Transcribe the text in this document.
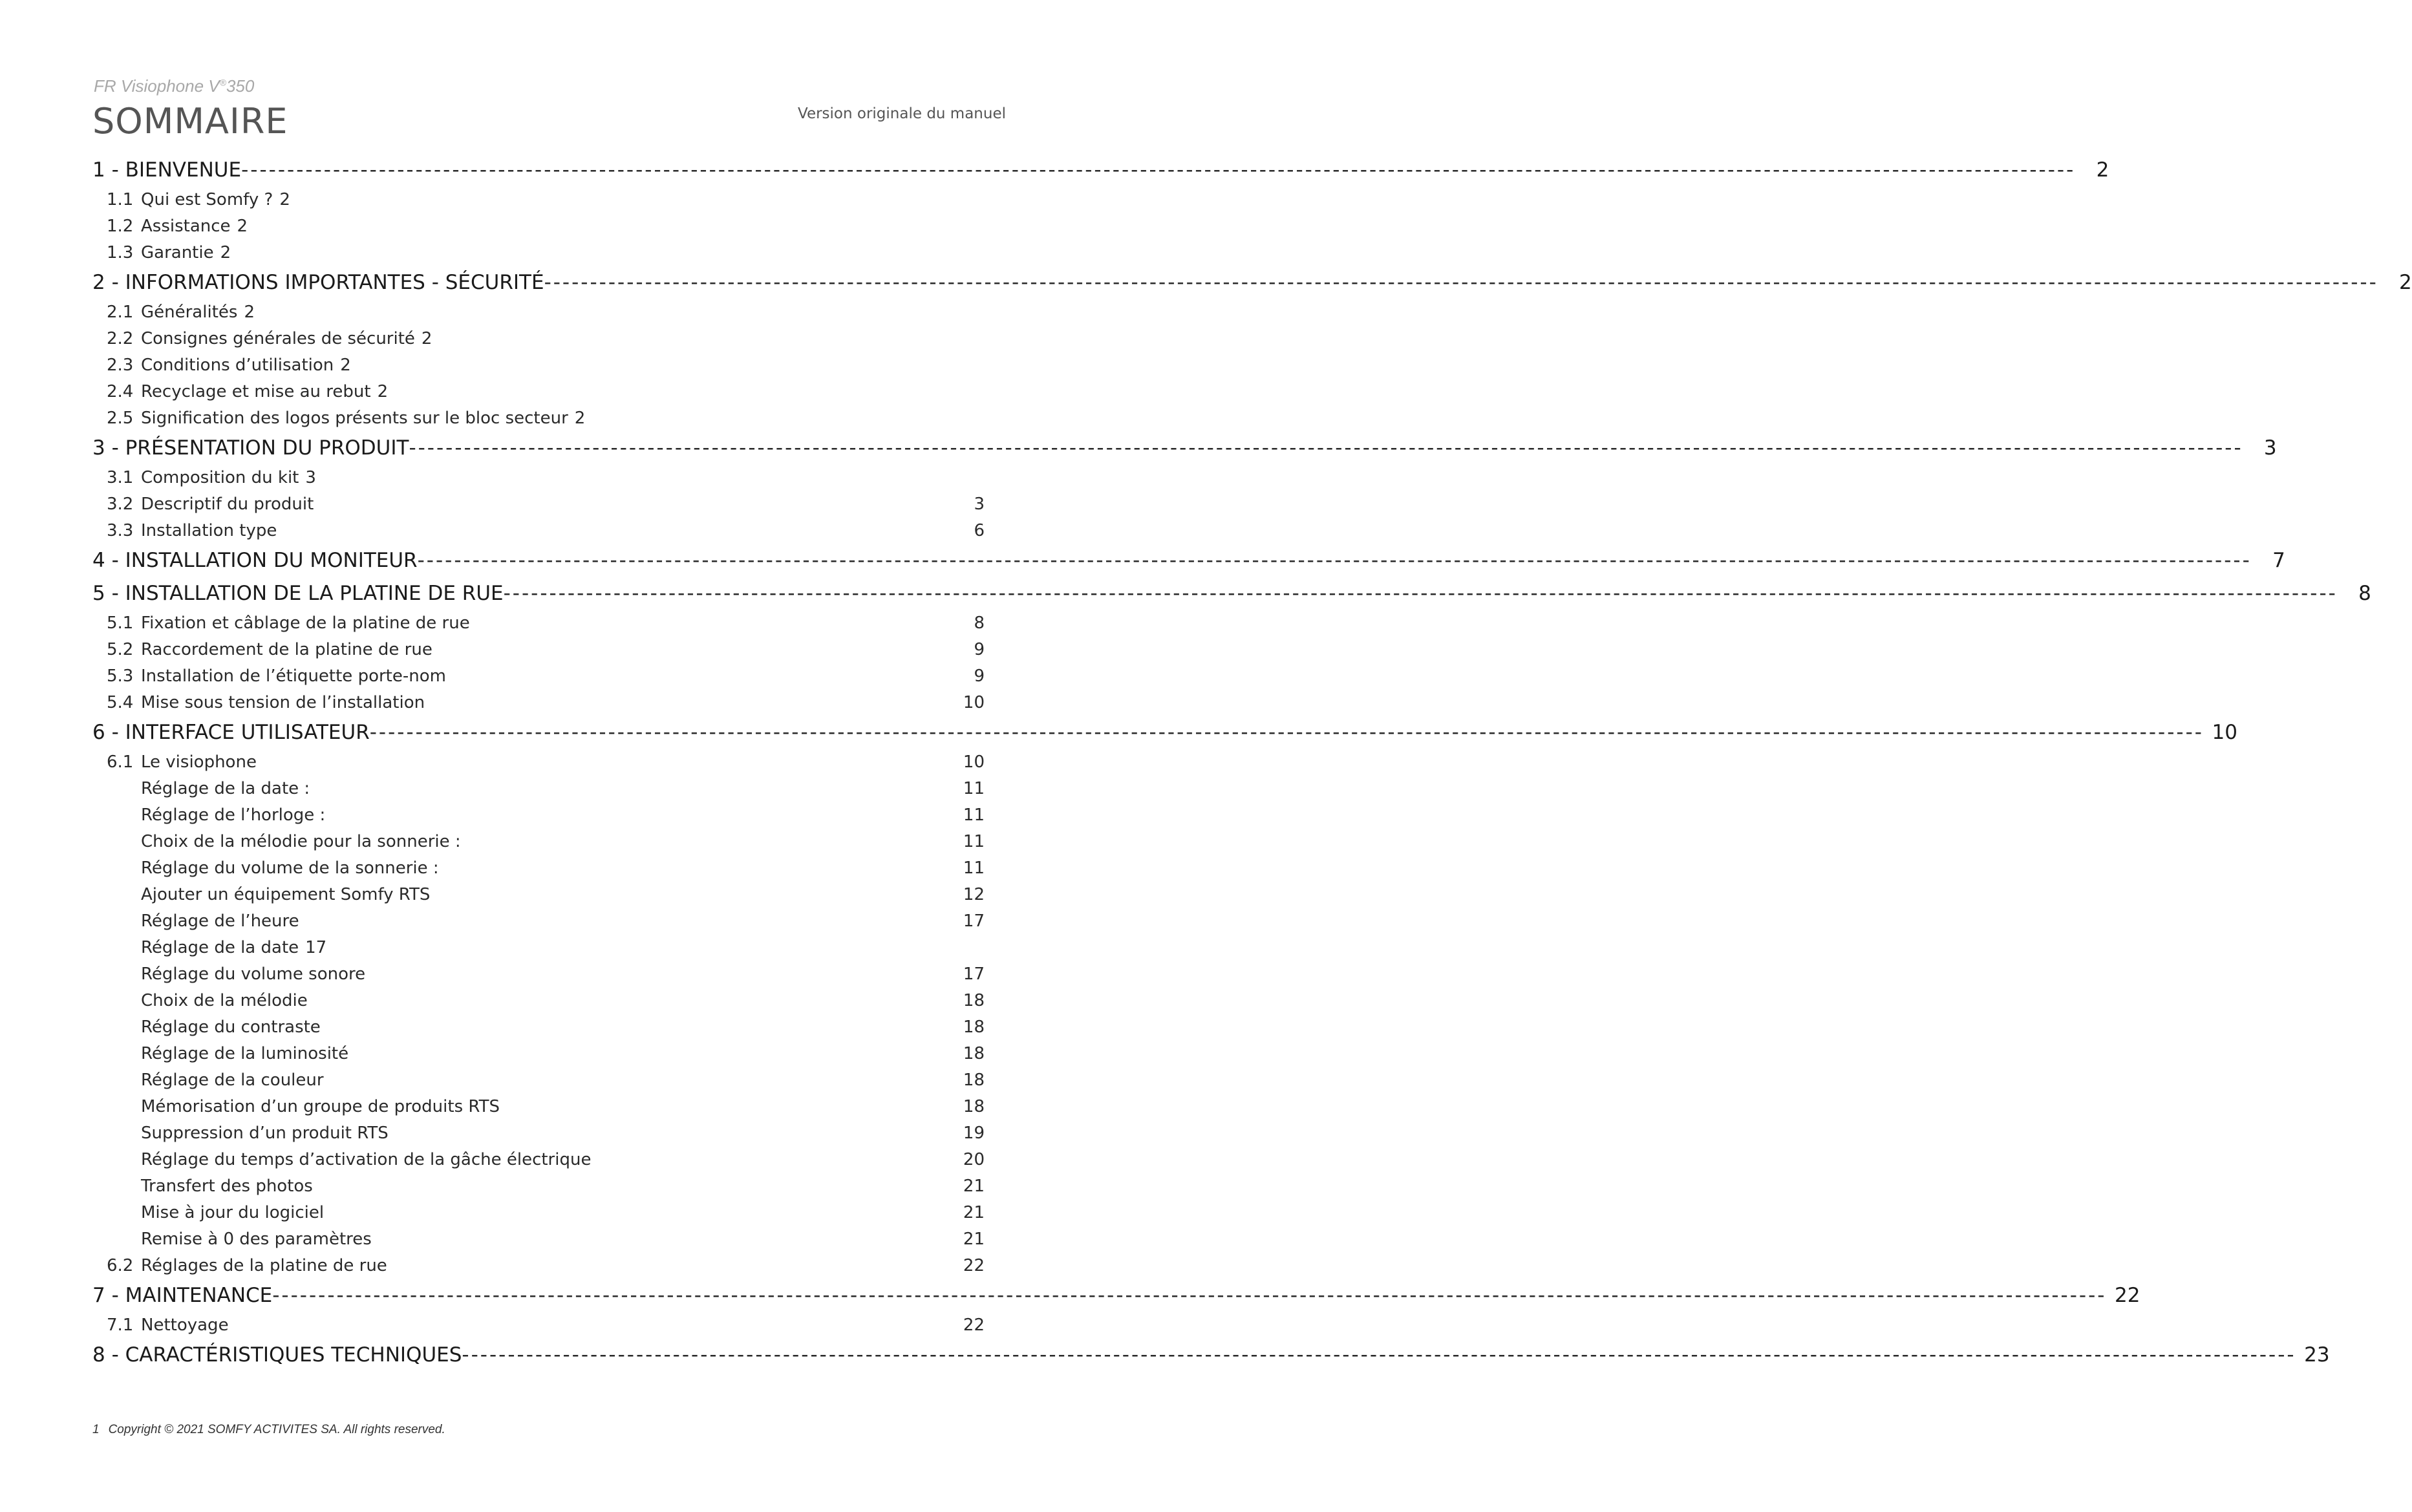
FR Visiophone V®350
SOMMAIRE	Version originale du manuel
1 - BIENVENUE --------------------------------------------------------------------------------------------------------------------------------------------------------------------------------------------------------	2
1.1 Qui est Somfy ? 2
1.2 Assistance 2
1.3 Garantie 2
2 - INFORMATIONS IMPORTANTES - SÉCURITÉ --------------------------------------------------------------------------------------------------------------------------------------------------------------------------------------------------------	2
2.1 Généralités 2
2.2 Consignes générales de sécurité 2
2.3 Conditions d’utilisation 2
2.4 Recyclage et mise au rebut 2
2.5 Signification des logos présents sur le bloc secteur 2
3 - PRÉSENTATION DU PRODUIT --------------------------------------------------------------------------------------------------------------------------------------------------------------------------------------------------------	3
3.1 Composition du kit 3
3.2 Descriptif du produit	3
3.3 Installation type	6
4 - INSTALLATION DU MONITEUR --------------------------------------------------------------------------------------------------------------------------------------------------------------------------------------------------------	7
5 - INSTALLATION DE LA PLATINE DE RUE --------------------------------------------------------------------------------------------------------------------------------------------------------------------------------------------------------	8
5.1 Fixation et câblage de la platine de rue	8
5.2 Raccordement de la platine de rue	9
5.3 Installation de l’étiquette porte-nom	9
5.4 Mise sous tension de l’installation	10
6 - INTERFACE UTILISATEUR -------------------------------------------------------------------------------------------------------------------------------------------------------------------------------------------------------- 10
6.1 Le visiophone	10
Réglage de la date :	11
Réglage de l’horloge :	11
Choix de la mélodie pour la sonnerie :	11
Réglage du volume de la sonnerie :	11
Ajouter un équipement Somfy RTS	12
Réglage de l’heure	17
Réglage de la date 17
Réglage du volume sonore	17
Choix de la mélodie	18
Réglage du contraste	18
Réglage de la luminosité	18
Réglage de la couleur	18
Mémorisation d’un groupe de produits RTS	18
Suppression d’un produit RTS	19
Réglage du temps d’activation de la gâche électrique	20
Transfert des photos	21
Mise à jour du logiciel	21
Remise à 0 des paramètres	21
6.2 Réglages de la platine de rue	22
7 - MAINTENANCE -------------------------------------------------------------------------------------------------------------------------------------------------------------------------------------------------------- 22
7.1 Nettoyage	22
8 - CARACTÉRISTIQUES TECHNIQUES -------------------------------------------------------------------------------------------------------------------------------------------------------------------------------------------------------- 23
1 Copyright © 2021 SOMFY ACTIVITES SA. All rights reserved.
